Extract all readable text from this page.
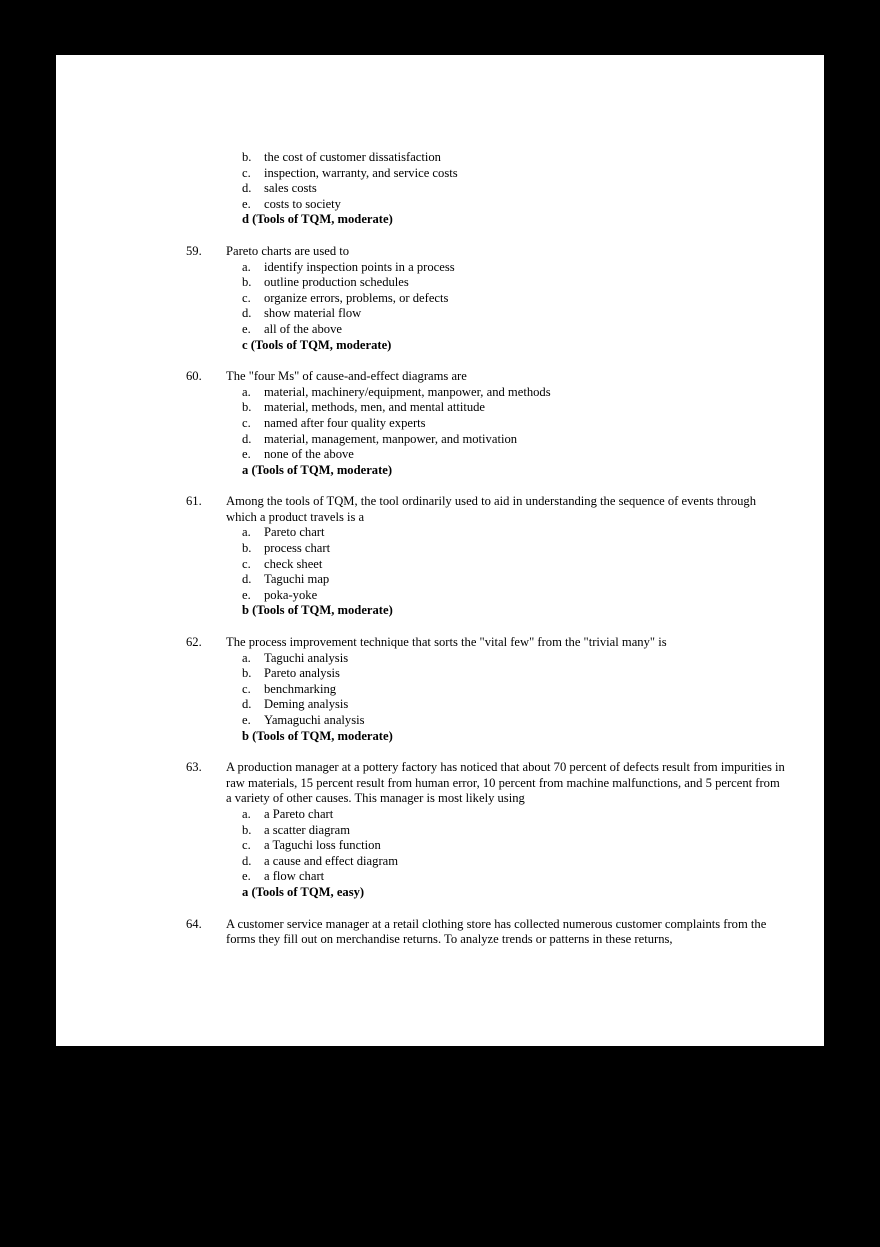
b. the cost of customer dissatisfaction
c.	inspection, warranty, and service costs
d. sales costs
e.	costs to society
d (Tools of TQM, moderate)
59.	Pareto charts are used to
a.	identify inspection points in a process
b. outline production schedules
c.	organize errors, problems, or defects
d. show material flow
e.	all of the above
c (Tools of TQM, moderate)
60.	The "four Ms" of cause-and-effect diagrams are
a.	material, machinery/equipment, manpower, and methods
b. material, methods, men, and mental attitude
c.	named after four quality experts
d. material, management, manpower, and motivation
e.	none of the above
a (Tools of TQM, moderate)
61.	Among the tools of TQM, the tool ordinarily used to aid in understanding the sequence of events through which a product travels is a
a.	Pareto chart
b. process chart
c.	check sheet
d. Taguchi map
e.	poka-yoke
b (Tools of TQM, moderate)
62.	The process improvement technique that sorts the "vital few" from the "trivial many" is
a.	Taguchi analysis
b. Pareto analysis
c.	benchmarking
d. Deming analysis
e.	Yamaguchi analysis
b (Tools of TQM, moderate)
63.	A production manager at a pottery factory has noticed that about 70 percent of defects result from impurities in raw materials, 15 percent result from human error, 10 percent from machine malfunctions, and 5 percent from a variety of other causes. This manager is most likely using
a.	a Pareto chart
b. a scatter diagram
c.	a Taguchi loss function
d. a cause and effect diagram
e.	a flow chart
a (Tools of TQM, easy)
64.	A customer service manager at a retail clothing store has collected numerous customer complaints from the forms they fill out on merchandise returns. To analyze trends or patterns in these returns,
